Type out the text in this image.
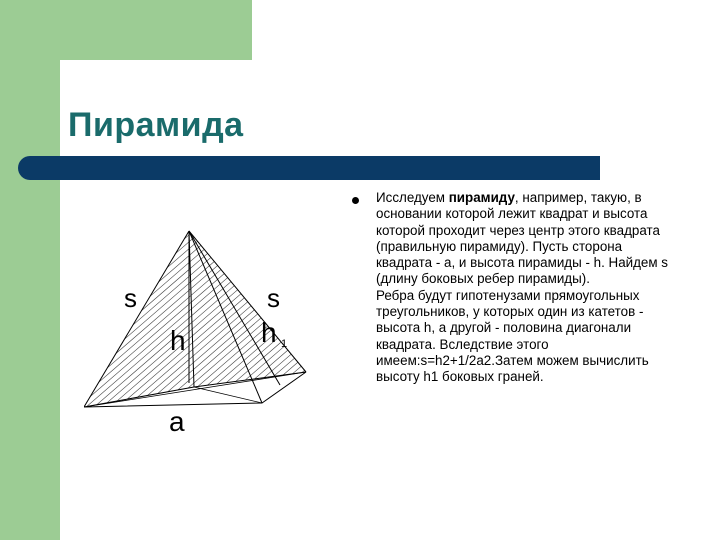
Пирамида
s	s
h	h 1
a
Исследуем пирамиду, например, такую, в основании которой лежит квадрат и высота которой проходит через центр этого квадрата (правильную пирамиду). Пусть сторона квадрата - a, и высота пирамиды - h. Найдем s (длину боковых ребер пирамиды).
Ребра будут гипотенузами прямоугольных треугольников, у которых один из катетов - высота h, а другой - половина диагонали квадрата. Вследствие этого имеем:s=h2+1/2a2.Затем можем вычислить высоту h1 боковых граней.
